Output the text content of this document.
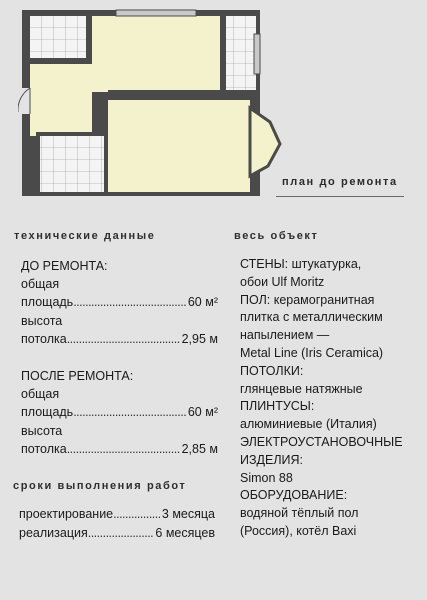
план до ремонта
технические данные
ДО РЕМОНТА:
общая
площадь .....	60 м²
высота
потолка .....	2,95 м
ПОСЛЕ РЕМОНТА:
общая
площадь .....	60 м²
высота
потолка .....	2,85 м
сроки выполнения работ
проектирование .....	3 месяца
реализация .....	6 месяцев
весь объект
СТЕНЫ: штукатурка,
обои Ulf Moritz
ПОЛ: керамогранитная
плитка с металлическим
напылением —
Metal Line (Iris Ceramica)
ПОТОЛКИ:
глянцевые натяжные
ПЛИНТУСЫ:
алюминиевые (Италия)
ЭЛЕКТРОУСТАНОВОЧНЫЕ
ИЗДЕЛИЯ:
Simon 88
ОБОРУДОВАНИЕ:
водяной тёплый пол
(Россия), котёл Baxi
